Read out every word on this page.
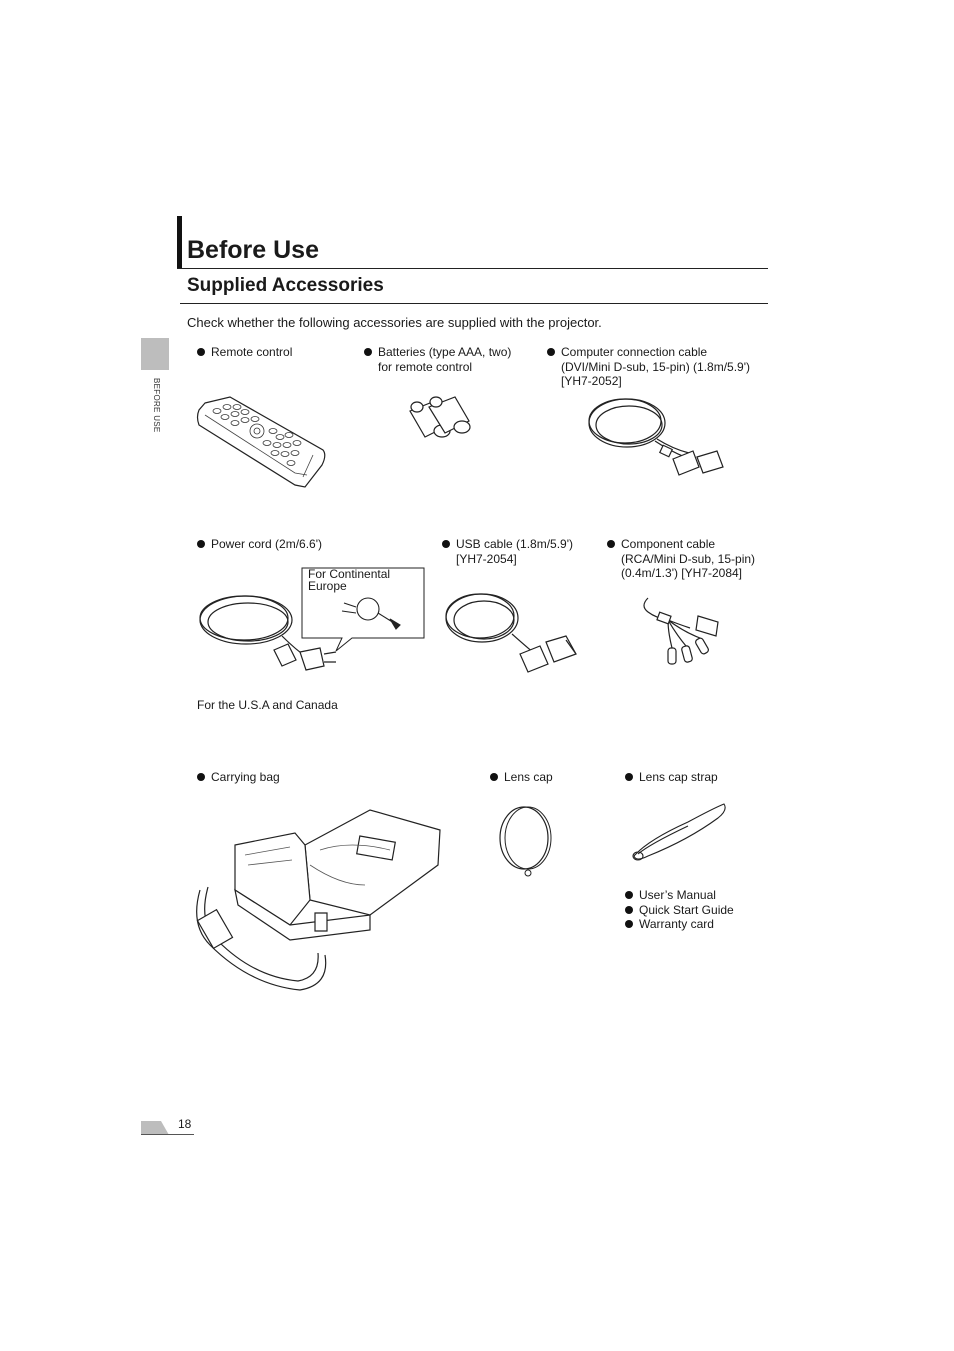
Before Use
Supplied Accessories
Check whether the following accessories are supplied with the projector.
BEFORE USE
Remote control	Batteries (type AAA, two)
for remote control
Computer connection cable
(DVI/Mini D-sub, 15-pin) (1.8m/5.9')
[YH7-2052]
Power cord (2m/6.6')	USB cable (1.8m/5.9')
[YH7-2054]
Component cable
(RCA/Mini D-sub, 15-pin)
(0.4m/1.3') [YH7-2084]
For Continental
Europe
For the U.S.A and Canada
Carrying bag	Lens cap	Lens cap strap
User’s Manual
Quick Start Guide
Warranty card
18
